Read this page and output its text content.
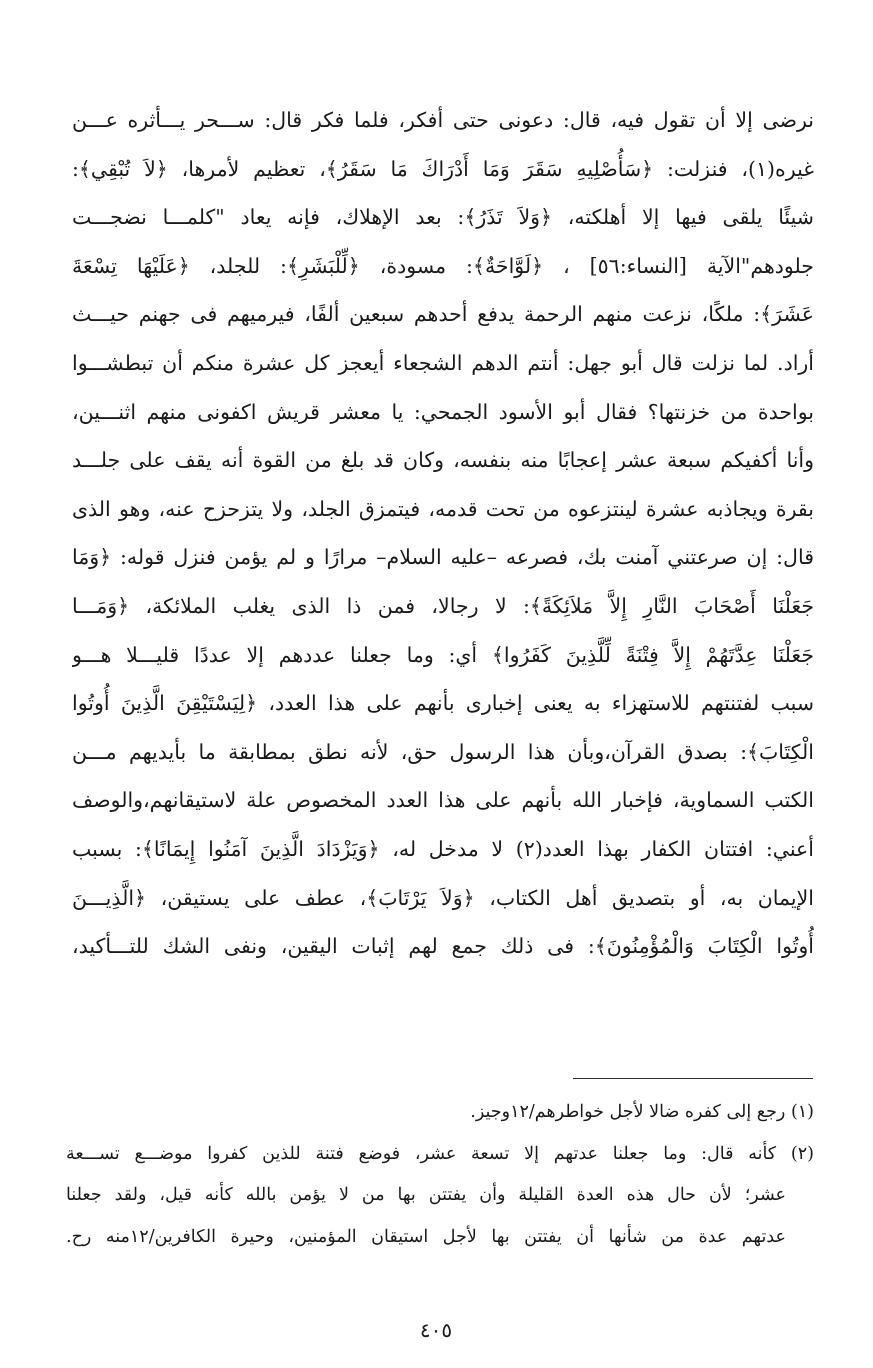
نرضى إلا أن تقول فيه، قال: دعونى حتى أفكر، فلما فكر قال: ســـحر يـــأثره عـــن
غيره(١)، فنزلت: ﴿سَأُصْلِيهِ سَقَرَ وَمَا أَدْرَاكَ مَا سَقَرُ﴾، تعظيم لأمرها، ﴿لاَ تُبْقِي﴾:
شيئًا يلقى فيها إلا أهلكته، ﴿وَلاَ تَذَرُ﴾: بعد الإهلاك، فإنه يعاد "كلمـــا نضجـــت
جلودهم"الآية [النساء:٥٦] ، ﴿لَوَّاحَةٌ﴾: مسودة، ﴿لِّلْبَشَرِ﴾: للجلد، ﴿عَلَيْهَا تِسْعَةَ
عَشَرَ﴾: ملكًا، نزعت منهم الرحمة يدفع أحدهم سبعين ألفًا، فيرميهم فى جهنم حيـــث
أراد. لما نزلت قال أبو جهل: أنتم الدهم الشجعاء أيعجز كل عشرة منكم أن تبطشـــوا
بواحدة من خزنتها؟ فقال أبو الأسود الجمحي: يا معشر قريش اكفونى منهم اثنـــين،
وأنا أكفيكم سبعة عشر إعجابًا منه بنفسه، وكان قد بلغ من القوة أنه يقف على جلـــد
بقرة ويجاذبه عشرة لينتزعوه من تحت قدمه، فيتمزق الجلد، ولا يتزحزح عنه، وهو الذى
قال: إن صرعتني آمنت بك، فصرعه –عليه السلام– مرارًا و لم يؤمن فنزل قوله: ﴿وَمَا
جَعَلْنَا أَصْحَابَ النَّارِ إِلاَّ مَلاَئِكَةً﴾: لا رجالا، فمن ذا الذى يغلب الملائكة، ﴿وَمَـــا
جَعَلْنَا عِدَّتَهُمْ إِلاَّ فِتْنَةً لِّلَّذِينَ كَفَرُوا﴾ أي: وما جعلنا عددهم إلا عددًا قليـــلا هـــو
سبب لفتنتهم للاستهزاء به يعنى إخبارى بأنهم على هذا العدد، ﴿لِيَسْتَيْقِنَ الَّذِينَ أُوتُوا
الْكِتَابَ﴾: بصدق القرآن،وبأن هذا الرسول حق، لأنه نطق بمطابقة ما بأيديهم مـــن
الكتب السماوية، فإخبار الله بأنهم على هذا العدد المخصوص علة لاستيقانهم،والوصف
أعني: افتتان الكفار بهذا العدد(٢) لا مدخل له، ﴿وَيَزْدَادَ الَّذِينَ آمَنُوا إِيمَانًا﴾: بسبب
الإيمان به، أو بتصديق أهل الكتاب، ﴿وَلاَ يَرْتَابَ﴾، عطف على يستيقن، ﴿الَّذِيـــنَ
أُوتُوا الْكِتَابَ وَالْمُؤْمِنُونَ﴾: فى ذلك جمع لهم إثبات اليقين، ونفى الشك للتـــأكيد،
(١) رجع إلى كفره ضالا لأجل خواطرهم/١٢وجيز.
(٢) كأنه قال: وما جعلنا عدتهم إلا تسعة عشر، فوضع فتنة للذين كفروا موضـــع تســـعة
عشر؛ لأن حال هذه العدة القليلة وأن يفتتن بها من لا يؤمن بالله كأنه قيل، ولقد جعلنا
عدتهم عدة من شأنها أن يفتتن بها لأجل استيقان المؤمنين، وحيرة الكافرين/١٢منه رح.
٤٠٥
